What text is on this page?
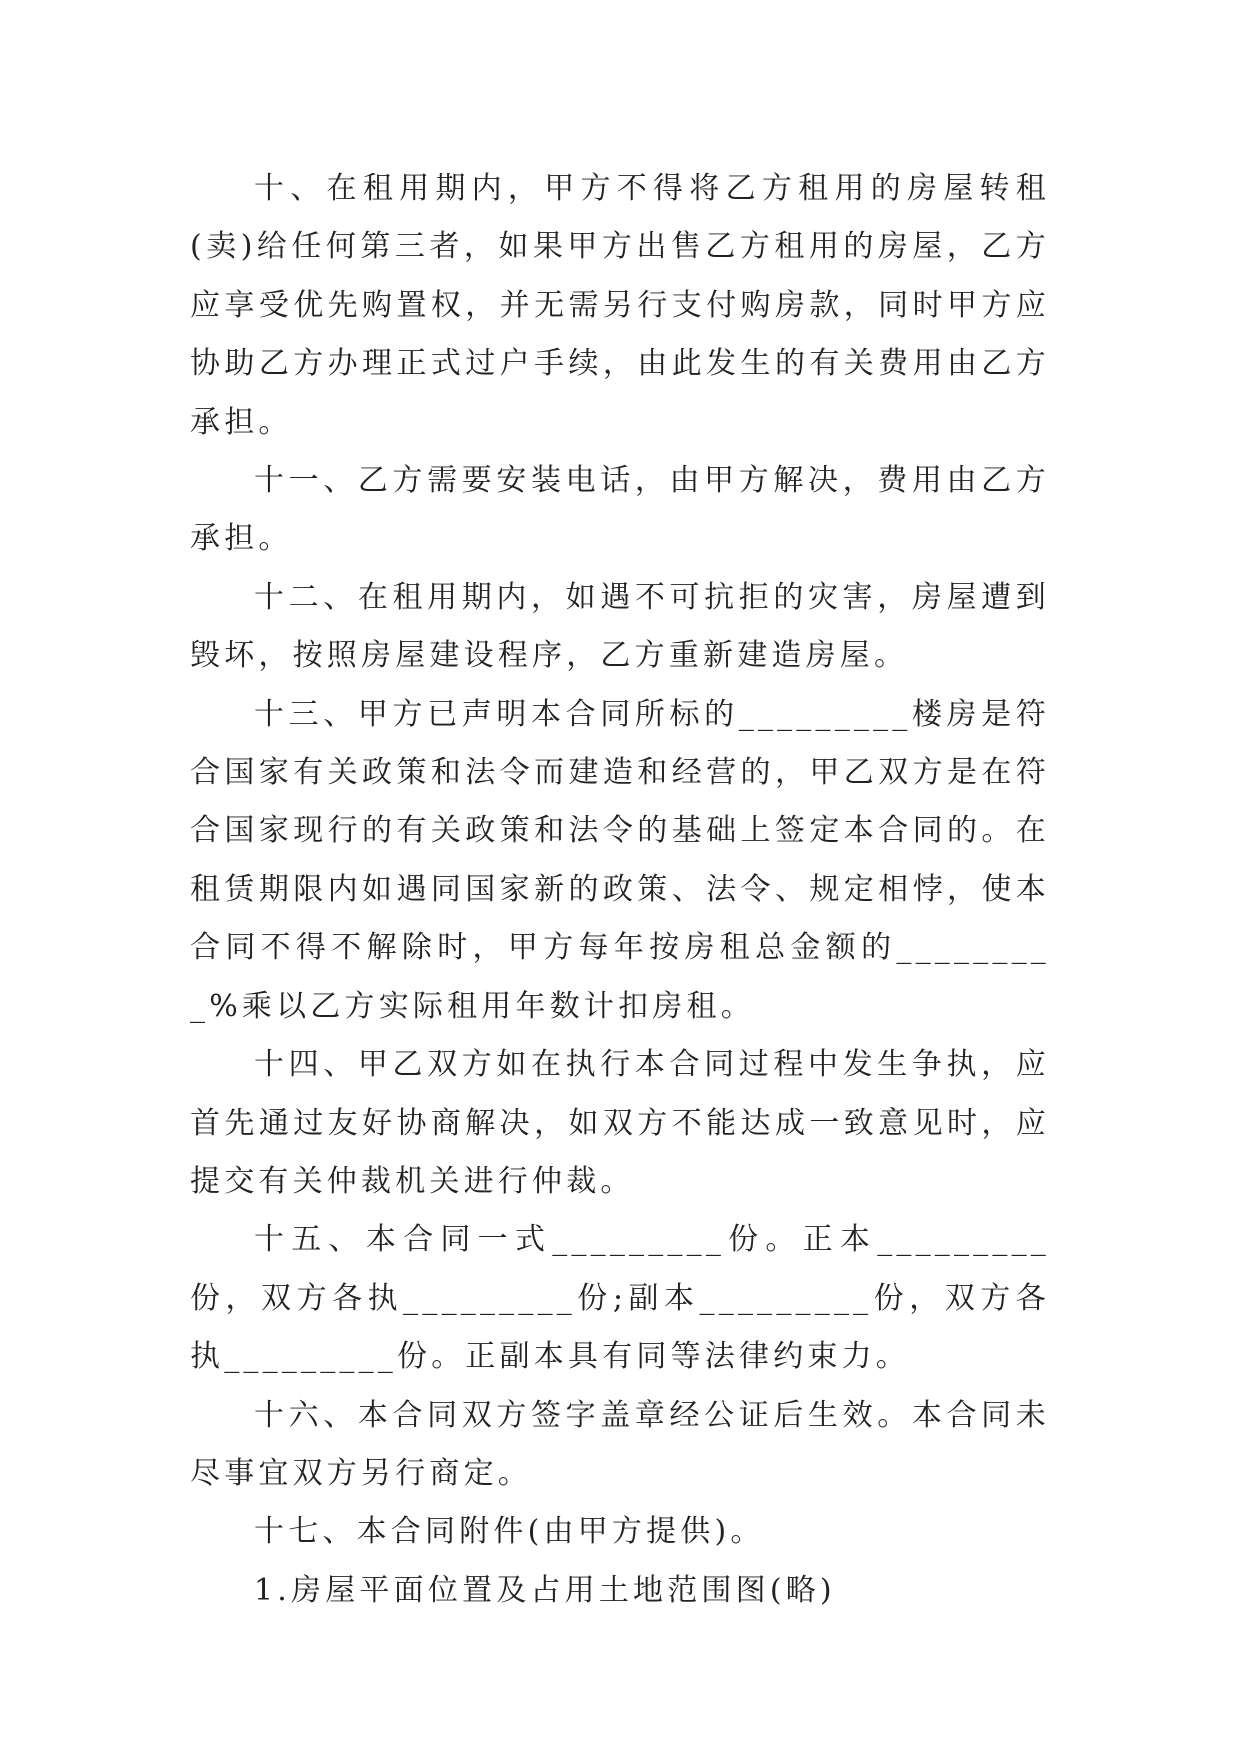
十、在租用期内，甲方不得将乙方租用的房屋转租(卖)给任何第三者，如果甲方出售乙方租用的房屋，乙方应享受优先购置权，并无需另行支付购房款，同时甲方应协助乙方办理正式过户手续，由此发生的有关费用由乙方承担。

十一、乙方需要安装电话，由甲方解决，费用由乙方承担。

十二、在租用期内，如遇不可抗拒的灾害，房屋遭到毁坏，按照房屋建设程序，乙方重新建造房屋。

十三、甲方已声明本合同所标的_________楼房是符合国家有关政策和法令而建造和经营的，甲乙双方是在符合国家现行的有关政策和法令的基础上签定本合同的。在租赁期限内如遇同国家新的政策、法令、规定相悖，使本合同不得不解除时，甲方每年按房租总金额的_________%乘以乙方实际租用年数计扣房租。

十四、甲乙双方如在执行本合同过程中发生争执，应首先通过友好协商解决，如双方不能达成一致意见时，应提交有关仲裁机关进行仲裁。

十五、本合同一式_________份。正本_________份，双方各执_________份;副本_________份，双方各执_________份。正副本具有同等法律约束力。

十六、本合同双方签字盖章经公证后生效。本合同未尽事宜双方另行商定。

十七、本合同附件(由甲方提供)。

1.房屋平面位置及占用土地范围图(略)
